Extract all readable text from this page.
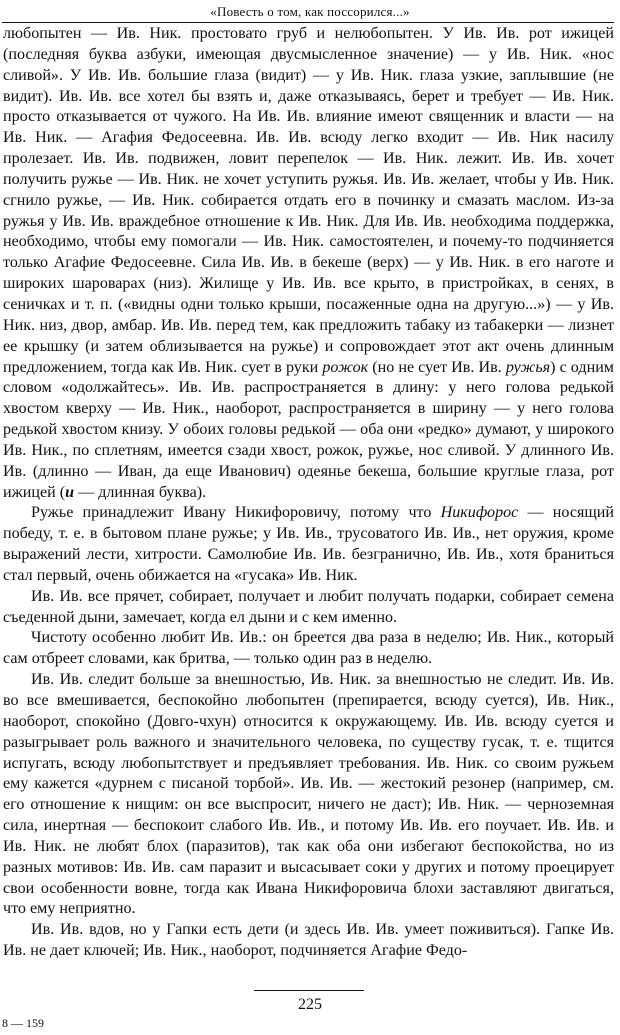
«Повесть о том, как поссорился...»

любопытен — Ив. Ник. простовато груб и нелюбопытен. У Ив. Ив. рот ижицей (последняя буква азбуки, имеющая двусмысленное значение) — у Ив. Ник. «нос сливой». У Ив. Ив. большие глаза (видит) — у Ив. Ник. глаза узкие, заплывшие (не видит). Ив. Ив. все хотел бы взять и, даже отказываясь, берет и требует — Ив. Ник. просто отказывается от чужого. На Ив. Ив. влияние имеют священник и власти — на Ив. Ник. — Агафия Федосеевна. Ив. Ив. всюду легко входит — Ив. Ник насилу пролезает. Ив. Ив. подвижен, ловит перепелок — Ив. Ник. лежит. Ив. Ив. хочет получить ружье — Ив. Ник. не хочет уступить ружья. Ив. Ив. желает, чтобы у Ив. Ник. сгнило ружье, — Ив. Ник. собирается отдать его в починку и смазать маслом. Из-за ружья у Ив. Ив. враждебное отношение к Ив. Ник. Для Ив. Ив. необходима поддержка, необходимо, чтобы ему помогали — Ив. Ник. самостоятелен, и почему-то подчиняется только Агафие Федосеевне. Сила Ив. Ив. в бекеше (верх) — у Ив. Ник. в его наготе и широких шароварах (низ). Жилище у Ив. Ив. все крыто, в пристройках, в сенях, в сеничках и т. п. («видны одни только крыши, посаженные одна на другую...») — у Ив. Ник. низ, двор, амбар. Ив. Ив. перед тем, как предложить табаку из табакерки — лизнет ее крышку (и затем облизывается на ружье) и сопровождает этот акт очень длинным предложением, тогда как Ив. Ник. сует в руки рожок (но не сует Ив. Ив. ружья) с одним словом «одолжайтесь». Ив. Ив. распространяется в длину: у него голова редькой хвостом кверху — Ив. Ник., наоборот, распространяется в ширину — у него голова редькой хвостом книзу. У обоих головы редькой — оба они «редко» думают, у широкого Ив. Ник., по сплетням, имеется сзади хвост, рожок, ружье, нос сливой. У длинного Ив. Ив. (длинно — Иван, да еще Иванович) одеяньe бекеша, большие круглые глаза, рот ижицей (и — длинная буква).

Ружье принадлежит Ивану Никифоровичу, потому что Никифорос — носящий победу, т. е. в бытовом плане ружье; у Ив. Ив., трусоватого Ив. Ив., нет оружия, кроме выражений лести, хитрости. Самолюбие Ив. Ив. безгранично, Ив. Ив., хотя браниться стал первый, очень обижается на «гусака» Ив. Ник.

Ив. Ив. все прячет, собирает, получает и любит получать подарки, собирает семена съеденной дыни, замечает, когда ел дыни и с кем именно.

Чистоту особенно любит Ив. Ив.: он бреется два раза в неделю; Ив. Ник., который сам отбреет словами, как бритва, — только один раз в неделю.

Ив. Ив. следит больше за внешностью, Ив. Ник. за внешностью не следит. Ив. Ив. во все вмешивается, беспокойно любопытен (препирается, всюду суется), Ив. Ник., наоборот, спокойно (Довго-чхун) относится к окружающему. Ив. Ив. всюду суется и разыгрывает роль важного и значительного человека, по существу гусак, т. е. тщится испугать, всюду любопытствует и предъявляет требования. Ив. Ник. со своим ружьем ему кажется «дурнем с писаной торбой». Ив. Ив. — жестокий резонер (например, см. его отношение к нищим: он все выспросит, ничего не даст); Ив. Ник. — черноземная сила, инертная — беспокоит слабого Ив. Ив., и потому Ив. Ив. его поучает. Ив. Ив. и Ив. Ник. не любят блох (паразитов), так как оба они избегают беспокойства, но из разных мотивов: Ив. Ив. сам паразит и высасывает соки у других и потому проецирует свои особенности вовне, тогда как Ивана Никифоровича блохи заставляют двигаться, что ему неприятно.

Ив. Ив. вдов, но у Гапки есть дети (и здесь Ив. Ив. умеет поживиться). Гапке Ив. Ив. не дает ключей; Ив. Ник., наоборот, подчиняется Агафие Федо-

225
8 — 159
